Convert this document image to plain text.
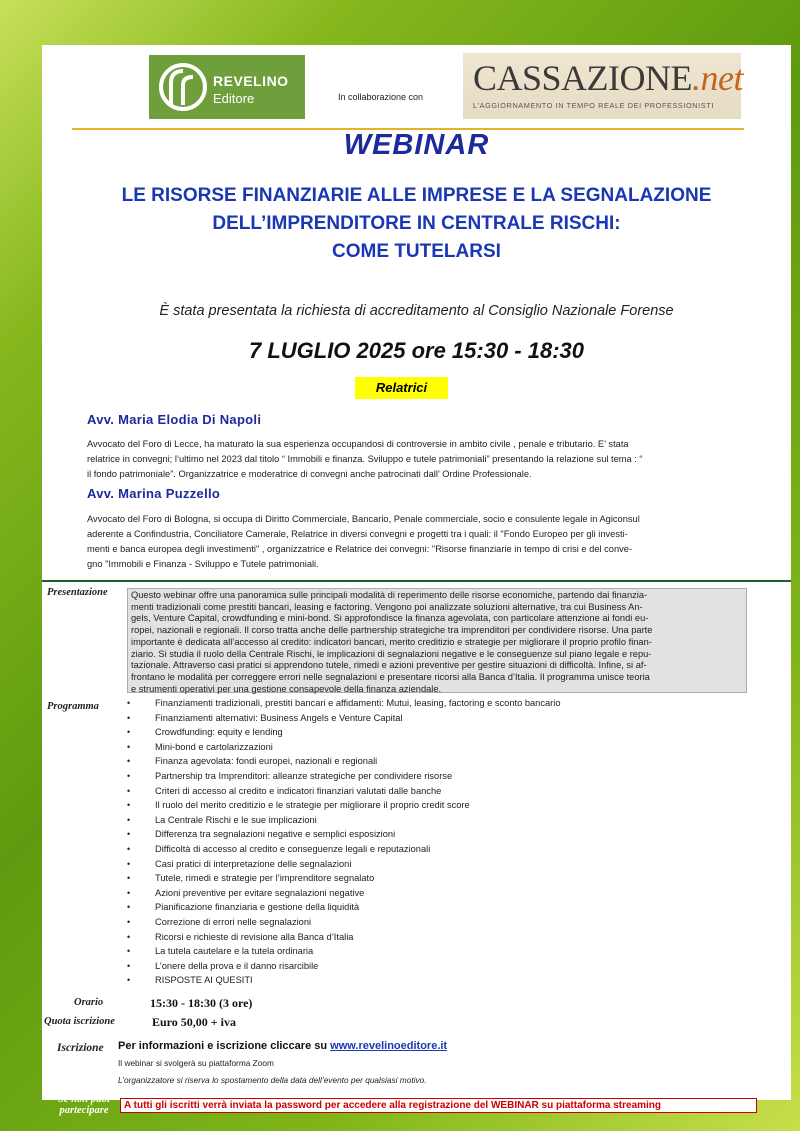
REVELINO
Editore	In collaborazione con CASSAZIONE.net
L'AGGIORNAMENTO IN TEMPO REALE DEI PROFESSIONISTI
WEBINAR
LE RISORSE FINANZIARIE ALLE IMPRESE E LA SEGNALAZIONE
DELL’IMPRENDITORE IN CENTRALE RISCHI:
COME TUTELARSI
È stata presentata la richiesta di accreditamento al Consiglio Nazionale Forense
7 LUGLIO 2025 ore 15:30 - 18:30
Relatrici
Avv. Maria Elodia Di Napoli
Avvocato del Foro di Lecce, ha maturato la sua esperienza occupandosi di controversie in ambito civile , penale e tributario. E’ stata
relatrice in convegni; l’ultimo nel 2023 dal titolo “ Immobili e finanza. Sviluppo e tutele patrimoniali” presentando la relazione sul tema : “
il fondo patrimoniale”. Organizzatrice e moderatrice di convegni anche patrocinati dall’ Ordine Professionale.
Avv. Marina Puzzello
Avvocato del Foro di Bologna, si occupa di Diritto Commerciale, Bancario, Penale commerciale, socio e consulente legale in Agiconsul
aderente a Confindustria, Conciliatore Camerale, Relatrice in diversi convegni e progetti tra i quali: il "Fondo Europeo per gli investi-
menti e banca europea degli investimenti" , organizzatrice e Relatrice dei convegni: "Risorse finanziarie in tempo di crisi e del conve-
gno "Immobili e Finanza - Sviluppo e Tutele patrimoniali.
Presentazione	Questo webinar offre una panoramica sulle principali modalità di reperimento delle risorse economiche, partendo dai finanzia-
menti tradizionali come prestiti bancari, leasing e factoring. Vengono poi analizzate soluzioni alternative, tra cui Business An-
gels, Venture Capital, crowdfunding e mini-bond. Si approfondisce la finanza agevolata, con particolare attenzione ai fondi eu-
ropei, nazionali e regionali. Il corso tratta anche delle partnership strategiche tra imprenditori per condividere risorse. Una parte
importante è dedicata all’accesso al credito: indicatori bancari, merito creditizio e strategie per migliorare il proprio profilo finan-
ziario. Si studia il ruolo della Centrale Rischi, le implicazioni di segnalazioni negative e le conseguenze sul piano legale e repu-
tazionale. Attraverso casi pratici si apprendono tutele, rimedi e azioni preventive per gestire situazioni di difficoltà. Infine, si af-
frontano le modalità per correggere errori nelle segnalazioni e presentare ricorsi alla Banca d’Italia. Il programma unisce teoria
e strumenti operativi per una gestione consapevole della finanza aziendale.
Programma
•	Finanziamenti tradizionali, prestiti bancari e affidamenti: Mutui, leasing, factoring e sconto bancario
• Finanziamenti alternativi: Business Angels e Venture Capital
• Crowdfunding: equity e lending
• Mini-bond e cartolarizzazioni
• Finanza agevolata: fondi europei, nazionali e regionali
• Partnership tra Imprenditori: alleanze strategiche per condividere risorse
• Criteri di accesso al credito e indicatori finanziari valutati dalle banche
• Il ruolo del merito creditizio e le strategie per migliorare il proprio credit score
• La Centrale Rischi e le sue implicazioni
• Differenza tra segnalazioni negative e semplici esposizioni
• Difficoltà di accesso al credito e conseguenze legali e reputazionali
• Casi pratici di interpretazione delle segnalazioni
• Tutele, rimedi e strategie per l’imprenditore segnalato
• Azioni preventive per evitare segnalazioni negative
• Pianificazione finanziaria e gestione della liquidità
• Correzione di errori nelle segnalazioni
• Ricorsi e richieste di revisione alla Banca d’Italia
• La tutela cautelare e la tutela ordinaria
• L’onere della prova e il danno risarcibile
• RISPOSTE AI QUESITI
Orario	15:30 - 18:30 (3 ore)
Quota iscrizione	Euro 50,00 + iva
Iscrizione Per informazioni e iscrizione cliccare su www.revelinoeditore.it
Il webinar si svolgerà su piattaforma Zoom
L’organizzatore si riserva lo spostamento della data dell’evento per qualsiasi motivo.
A tutti gli iscritti verrà inviata la password per accedere alla registrazione del WEBINAR su piattaforma streaming
Se non puoi
partecipare
